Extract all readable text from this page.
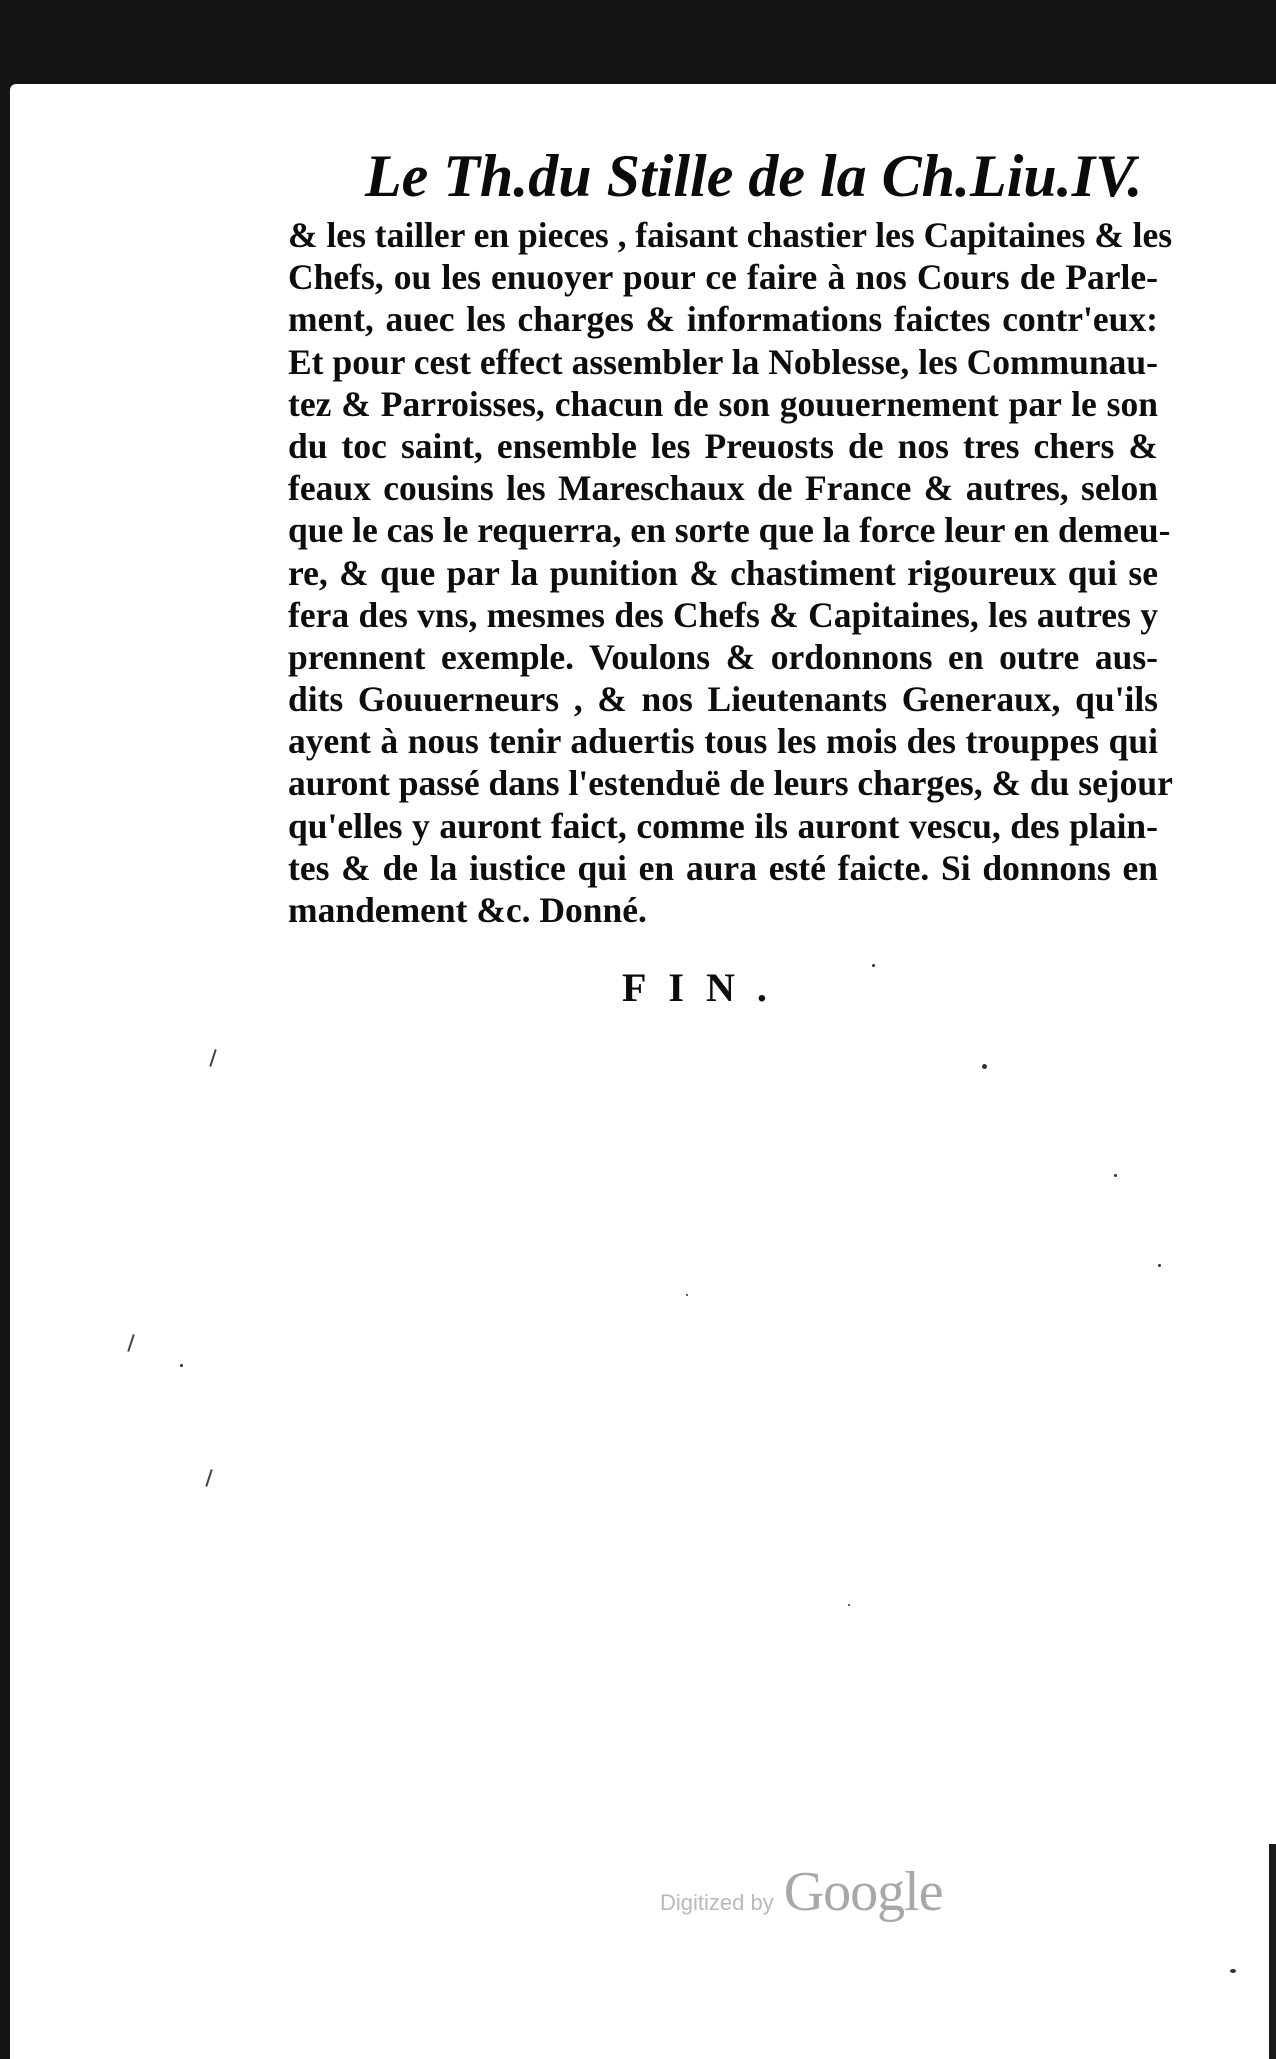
Le Th.du Stille de la Ch.Liu.IV.
& les tailler en pieces , faisant chastier les Capitaines & les
Chefs, ou les enuoyer pour ce faire à nos Cours de Parle-
ment, auec les charges & informations faictes contr'eux:
Et pour cest effect assembler la Noblesse, les Communau-
tez & Parroisses, chacun de son gouuernement par le son
du toc saint, ensemble les Preuosts de nos tres chers &
feaux cousins les Mareschaux de France & autres, selon
que le cas le requerra, en sorte que la force leur en demeu-
re, & que par la punition & chastiment rigoureux qui se
fera des vns, mesmes des Chefs & Capitaines, les autres y
prennent exemple. Voulons & ordonnons en outre aus-
dits Gouuerneurs , & nos Lieutenants Generaux, qu'ils
ayent à nous tenir aduertis tous les mois des trouppes qui
auront passé dans l'estenduë de leurs charges, & du sejour
qu'elles y auront faict, comme ils auront vescu, des plain-
tes & de la iustice qui en aura esté faicte. Si donnons en
mandement &c. Donné.
FIN.
Digitized by Google
